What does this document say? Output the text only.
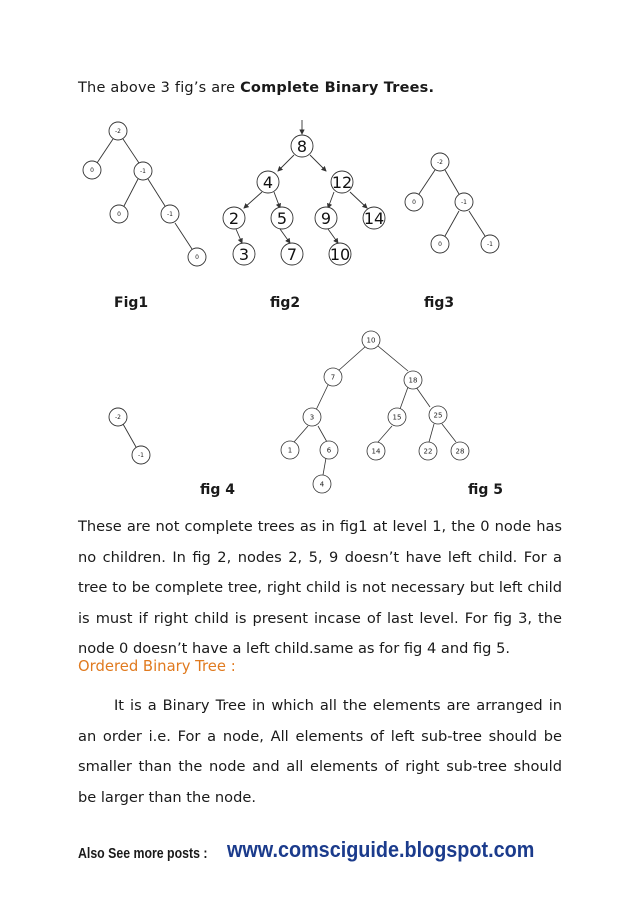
The above 3 fig’s are Complete Binary Trees.
-2
0	-1
0	-1
0
8
4	12
2 5 9 14
3 7 10
-2
0	-1
0	-1
Fig1	fig2	fig3
-2
-1
10
7	18
3	15	25
1	6	14	22	28
4
fig 4	fig 5
These are not complete trees as in fig1 at level 1, the 0 node has
no children. In fig 2, nodes 2, 5, 9 doesn’t have left child. For a
tree to be complete tree, right child is not necessary but left child
is must if right child is present incase of last level. For fig 3, the
node 0 doesn’t have a left child.same as for fig 4 and fig 5.
Ordered Binary Tree :
It is a Binary Tree in which all the elements are arranged in
an order i.e. For a node, All elements of left sub-tree should be
smaller than the node and all elements of right sub-tree should
be larger than the node.
Also See more posts : www.comsciguide.blogspot.com
